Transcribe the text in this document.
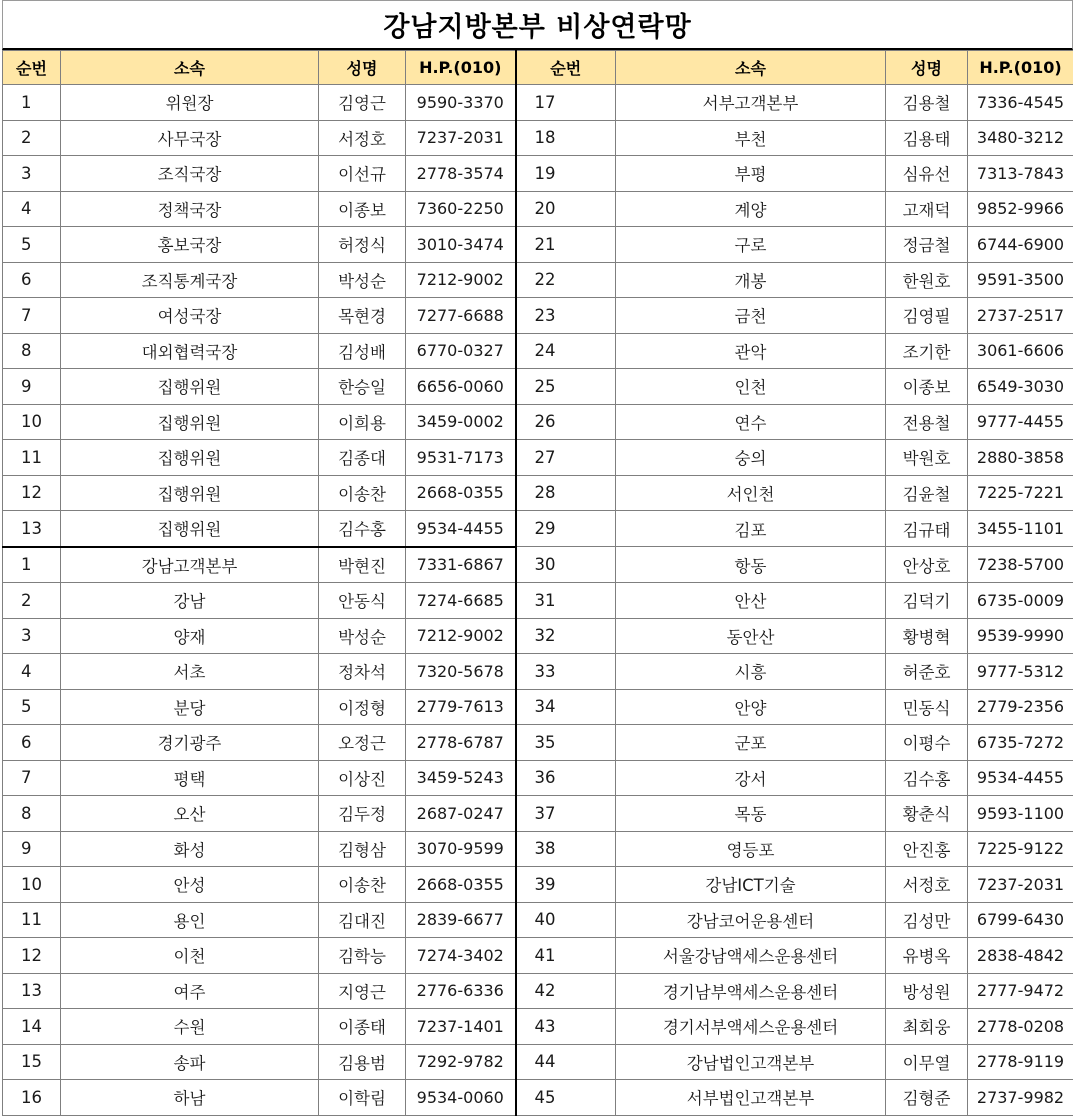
강남지방본부 비상연락망
순번	소속	성명	H.P.(010)	순번	소속	성명	H.P.(010)
1	위원장	김영근	9590-3370	17	서부고객본부	김용철	7336-4545
2	사무국장	서정호	7237-2031	18	부천	김용태	3480-3212
3	조직국장	이선규	2778-3574	19	부평	심유선	7313-7843
4	정책국장	이종보	7360-2250	20	계양	고재덕	9852-9966
5	홍보국장	허정식	3010-3474	21	구로	정금철	6744-6900
6	조직통계국장	박성순	7212-9002	22	개봉	한원호	9591-3500
7	여성국장	목현경	7277-6688	23	금천	김영필	2737-2517
8	대외협력국장	김성배	6770-0327	24	관악	조기한	3061-6606
9	집행위원	한승일	6656-0060	25	인천	이종보	6549-3030
10	집행위원	이희용	3459-0002	26	연수	전용철	9777-4455
11	집행위원	김종대	9531-7173	27	숭의	박원호	2880-3858
12	집행위원	이송찬	2668-0355	28	서인천	김윤철	7225-7221
13	집행위원	김수홍	9534-4455	29	김포	김규태	3455-1101
1	강남고객본부	박현진	7331-6867	30	항동	안상호	7238-5700
2	강남	안동식	7274-6685	31	안산	김덕기	6735-0009
3	양재	박성순	7212-9002	32	동안산	황병혁	9539-9990
4	서초	정차석	7320-5678	33	시흥	허준호	9777-5312
5	분당	이정형	2779-7613	34	안양	민동식	2779-2356
6	경기광주	오정근	2778-6787	35	군포	이평수	6735-7272
7	평택	이상진	3459-5243	36	강서	김수홍	9534-4455
8	오산	김두정	2687-0247	37	목동	황춘식	9593-1100
9	화성	김형삼	3070-9599	38	영등포	안진홍	7225-9122
10	안성	이송찬	2668-0355	39	강남ICT기술	서정호	7237-2031
11	용인	김대진	2839-6677	40	강남코어운용센터	김성만	6799-6430
12	이천	김학능	7274-3402	41	서울강남액세스운용센터	유병옥	2838-4842
13	여주	지영근	2776-6336	42	경기남부액세스운용센터	방성원	2777-9472
14	수원	이종태	7237-1401	43	경기서부액세스운용센터	최회웅	2778-0208
15	송파	김용범	7292-9782	44	강남법인고객본부	이무열	2778-9119
16	하남	이학림	9534-0060	45	서부법인고객본부	김형준	2737-9982
